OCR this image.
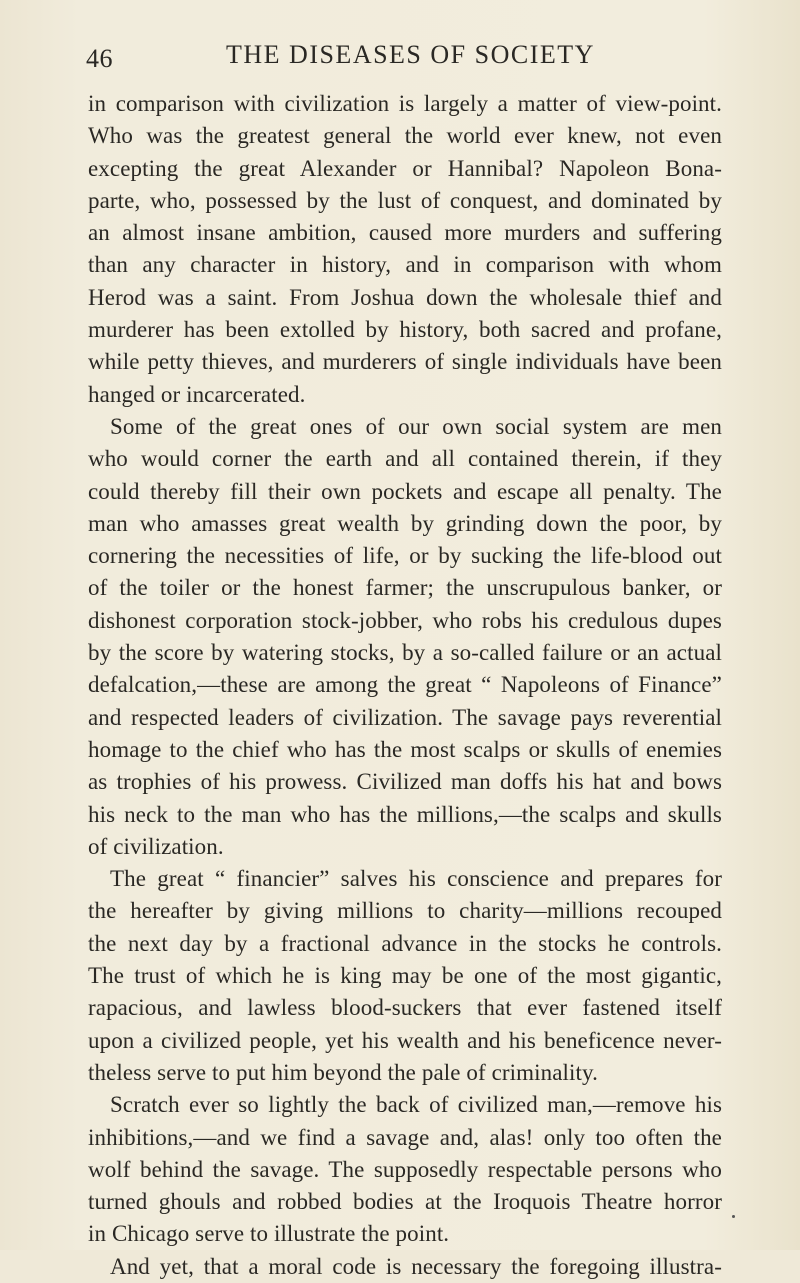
46	THE DISEASES OF SOCIETY
in comparison with civilization is largely a matter of view-point.
Who was the greatest general the world ever knew, not even
excepting the great Alexander or Hannibal? Napoleon Bona-
parte, who, possessed by the lust of conquest, and dominated by
an almost insane ambition, caused more murders and suffering
than any character in history, and in comparison with whom
Herod was a saint. From Joshua down the wholesale thief and
murderer has been extolled by history, both sacred and profane,
while petty thieves, and murderers of single individuals have been
hanged or incarcerated.
Some of the great ones of our own social system are men
who would corner the earth and all contained therein, if they
could thereby fill their own pockets and escape all penalty. The
man who amasses great wealth by grinding down the poor, by
cornering the necessities of life, or by sucking the life-blood out
of the toiler or the honest farmer; the unscrupulous banker, or
dishonest corporation stock-jobber, who robs his credulous dupes
by the score by watering stocks, by a so-called failure or an actual
defalcation,—these are among the great “ Napoleons of Finance”
and respected leaders of civilization. The savage pays reverential
homage to the chief who has the most scalps or skulls of enemies
as trophies of his prowess. Civilized man doffs his hat and bows
his neck to the man who has the millions,—the scalps and skulls
of civilization.
The great “ financier” salves his conscience and prepares for
the hereafter by giving millions to charity—millions recouped
the next day by a fractional advance in the stocks he controls.
The trust of which he is king may be one of the most gigantic,
rapacious, and lawless blood-suckers that ever fastened itself
upon a civilized people, yet his wealth and his beneficence never-
theless serve to put him beyond the pale of criminality.
Scratch ever so lightly the back of civilized man,—remove his
inhibitions,—and we find a savage and, alas! only too often the
wolf behind the savage. The supposedly respectable persons who
turned ghouls and robbed bodies at the Iroquois Theatre horror
in Chicago serve to illustrate the point.
And yet, that a moral code is necessary the foregoing illustra-
